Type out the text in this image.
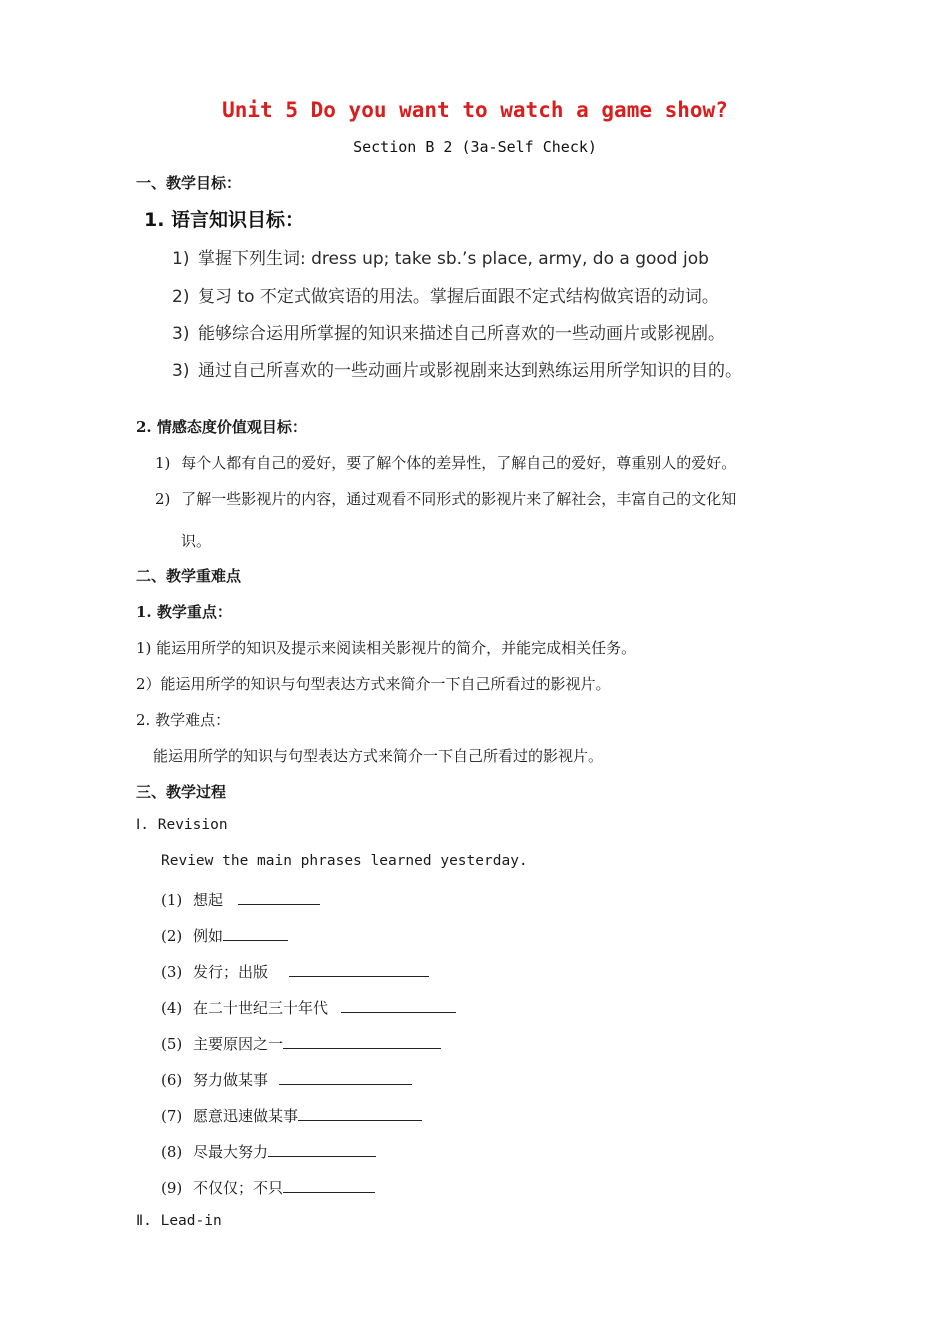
Unit 5 Do you want to watch a game show?
Section B 2 (3a-Self Check)
一、教学目标：
1. 语言知识目标：
1) 掌握下列生词: dress up; take sb.’s place, army, do a good job
2) 复习 to 不定式做宾语的用法。掌握后面跟不定式结构做宾语的动词。
3) 能够综合运用所掌握的知识来描述自己所喜欢的一些动画片或影视剧。
3) 通过自己所喜欢的一些动画片或影视剧来达到熟练运用所学知识的目的。
2. 情感态度价值观目标：
1) 每个人都有自己的爱好，要了解个体的差异性，了解自己的爱好，尊重别人的爱好。
2) 了解一些影视片的内容，通过观看不同形式的影视片来了解社会，丰富自己的文化知
识。
二、教学重难点
1. 教学重点：
1) 能运用所学的知识及提示来阅读相关影视片的简介，并能完成相关任务。
2）能运用所学的知识与句型表达方式来简介一下自己所看过的影视片。
2. 教学难点：
能运用所学的知识与句型表达方式来简介一下自己所看过的影视片。
三、教学过程
Ⅰ. Revision
Review the main phrases learned yesterday.
(1) 想起
(2) 例如
(3) 发行；出版
(4) 在二十世纪三十年代
(5) 主要原因之一
(6) 努力做某事
(7) 愿意迅速做某事
(8) 尽最大努力
(9) 不仅仅；不只
Ⅱ. Lead-in
